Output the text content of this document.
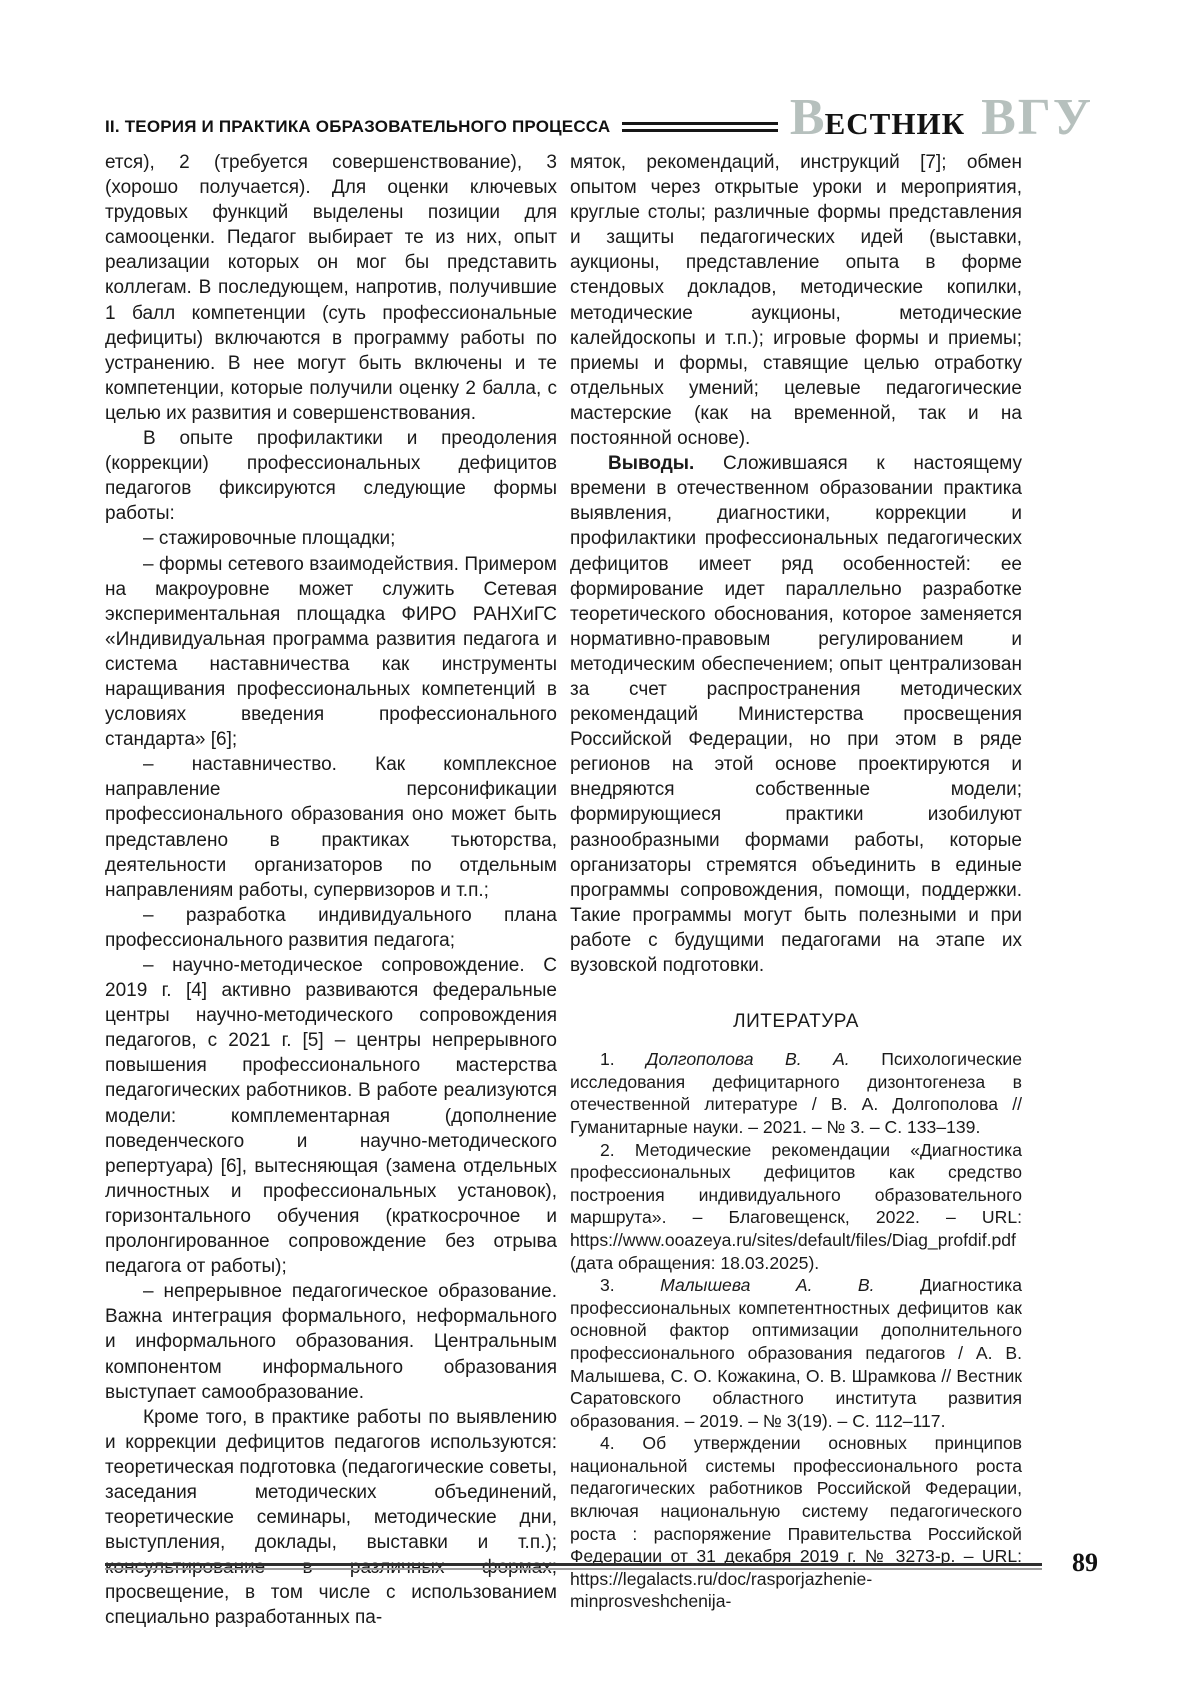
II. ТЕОРИЯ И ПРАКТИКА ОБРАЗОВАТЕЛЬНОГО ПРОЦЕССА	В ЕСТНИК ВГУ

ется), 2 (требуется совершенствование), 3 (хорошо получается). Для оценки ключевых трудовых функций выделены позиции для самооценки. Педагог выбирает те из них, опыт реализации которых он мог бы представить коллегам. В последующем, напротив, получившие 1 балл компетенции (суть профессиональные дефициты) включаются в программу работы по устранению. В нее могут быть включены и те компетенции, которые получили оценку 2 балла, с целью их развития и совершенствования.

В опыте профилактики и преодоления (коррекции) профессиональных дефицитов педагогов фиксируются следующие формы работы:

– стажировочные площадки;

– формы сетевого взаимодействия. Примером на макроуровне может служить Сетевая экспериментальная площадка ФИРО РАНХиГС «Индивидуальная программа развития педагога и система наставничества как инструменты наращивания профессиональных компетенций в условиях введения профессионального стандарта» [6];

– наставничество. Как комплексное направление персонификации профессионального образования оно может быть представлено в практиках тьюторства, деятельности организаторов по отдельным направлениям работы, супервизоров и т.п.;

– разработка индивидуального плана профессионального развития педагога;

– научно-методическое сопровождение. С 2019 г. [4] активно развиваются федеральные центры научно-методического сопровождения педагогов, с 2021 г. [5] – центры непрерывного повышения профессионального мастерства педагогических работников. В работе реализуются модели: комплементарная (дополнение поведенческого и научно-методического репертуара) [6], вытесняющая (замена отдельных личностных и профессиональных установок), горизонтального обучения (краткосрочное и пролонгированное сопровождение без отрыва педагога от работы);

– непрерывное педагогическое образование. Важна интеграция формального, неформального и информального образования. Центральным компонентом информального образования выступает самообразование.

Кроме того, в практике работы по выявлению и коррекции дефицитов педагогов используются: теоретическая подготовка (педагогические советы, заседания методических объединений, теоретические семинары, методические дни, выступления, доклады, выставки и т.п.); консультирование в различных формах; просвещение, в том числе с использованием специально разработанных па-

мяток, рекомендаций, инструкций [7]; обмен опытом через открытые уроки и мероприятия, круглые столы; различные формы представления и защиты педагогических идей (выставки, аукционы, представление опыта в форме стендовых докладов, методические копилки, методические аукционы, методические калейдоскопы и т.п.); игровые формы и приемы; приемы и формы, ставящие целью отработку отдельных умений; целевые педагогические мастерские (как на временной, так и на постоянной основе).

Выводы. Сложившаяся к настоящему времени в отечественном образовании практика выявления, диагностики, коррекции и профилактики профессиональных педагогических дефицитов имеет ряд особенностей: ее формирование идет параллельно разработке теоретического обоснования, которое заменяется нормативно-правовым регулированием и методическим обеспечением; опыт централизован за счет распространения методических рекомендаций Министерства просвещения Российской Федерации, но при этом в ряде регионов на этой основе проектируются и внедряются собственные модели; формирующиеся практики изобилуют разнообразными формами работы, которые организаторы стремятся объединить в единые программы сопровождения, помощи, поддержки. Такие программы могут быть полезными и при работе с будущими педагогами на этапе их вузовской подготовки.

ЛИТЕРАТУРА

1. Долгополова В. А. Психологические исследования дефицитарного дизонтогенеза в отечественной литературе / В. А. Долгополова // Гуманитарные науки. – 2021. – № 3. – С. 133–139.

2. Методические рекомендации «Диагностика профессиональных дефицитов как средство построения индивидуального образовательного маршрута». – Благовещенск, 2022. – URL: https://www.ooazeya.ru/sites/default/files/Diag_profdif.pdf (дата обращения: 18.03.2025).

3.	Малышева А. В.	Диагностика профессиональных компетентностных дефицитов как основной фактор оптимизации дополнительного профессионального образования педагогов / А. В. Малышева, С. О. Кожакина, О. В. Шрамкова // Вестник Саратовского областного института развития образования. – 2019. – № 3(19). – С. 112–117.

4. Об утверждении основных принципов национальной системы профессионального роста педагогических работников Российской Федерации, включая национальную систему педагогического роста : распоряжение Правительства Российской Федерации от 31 декабря 2019 г. № 3273-р. – URL: https://legalacts.ru/doc/rasporjazhenie-minprosveshchenija-

89
